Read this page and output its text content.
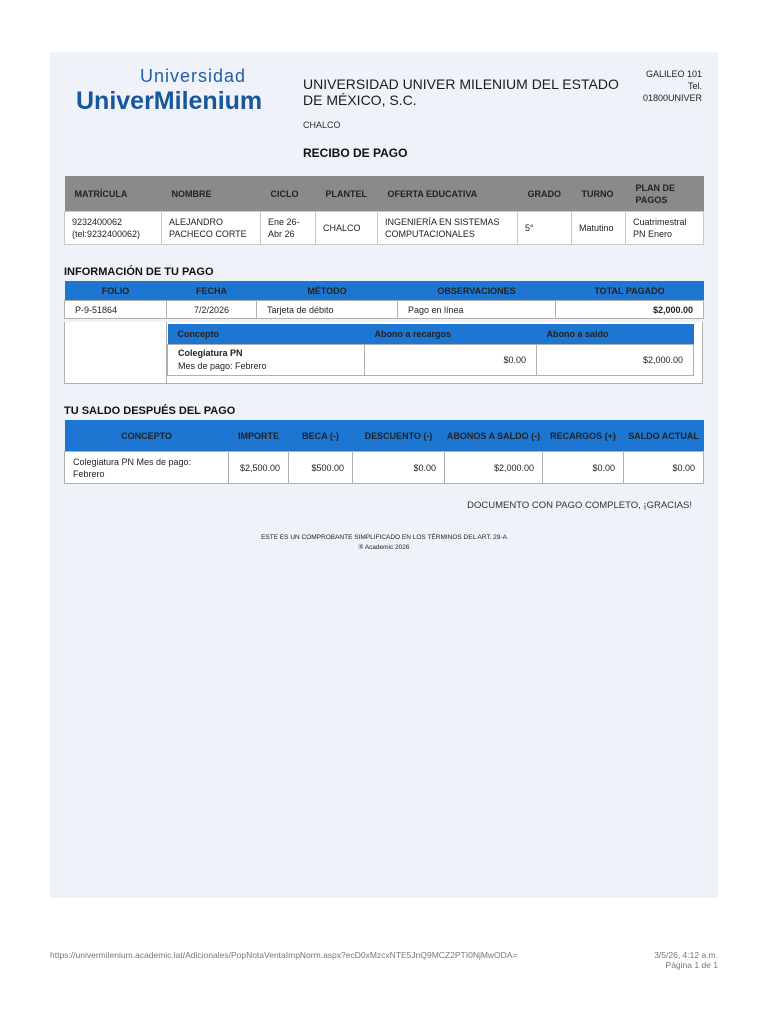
Universidad
UniverMilenium
UNIVERSIDAD UNIVER MILENIUM DEL ESTADO DE MÉXICO, S.C.
CHALCO
GALILEO 101
Tel.
01800UNIVER
RECIBO DE PAGO
MATRÍCULA	NOMBRE	CICLO	PLANTEL	OFERTA EDUCATIVA	GRADO	TURNO	PLAN DE PAGOS
9232400062 (tel:9232400062)	ALEJANDRO PACHECO CORTE	Ene 26- Abr 26	CHALCO	INGENIERÍA EN SISTEMAS COMPUTACIONALES	5°	Matutino	Cuatrimestral PN Enero
INFORMACIÓN DE TU PAGO
FOLIO	FECHA	MÉTODO	OBSERVACIONES	TOTAL PAGADO
P-9-51864	7/2/2026	Tarjeta de débito	Pago en línea	$2,000.00
Concepto	Abono a recargos	Abono a saldo

Colegiatura PN
Mes de pago: Febrero	$0.00	$2,000.00
TU SALDO DESPUÉS DEL PAGO
CONCEPTO	IMPORTE	BECA (-)	DESCUENTO (-)	ABONOS A SALDO (-)	RECARGOS (+)	SALDO ACTUAL
Colegiatura PN Mes de pago: Febrero	$2,500.00	$500.00	$0.00	$2,000.00	$0.00	$0.00
DOCUMENTO CON PAGO COMPLETO, ¡GRACIAS!
ESTE ES UN COMPROBANTE SIMPLIFICADO EN LOS TÉRMINOS DEL ART. 29-A
® Academic 2026
https://univermilenium.academic.lat/Adicionales/PopNotaVentaImpNorm.aspx?ecD0xMzcxNTE5JnQ9MCZ2PTI0NjMwODA=	3/5/26, 4:12 a.m.
Página 1 de 1
